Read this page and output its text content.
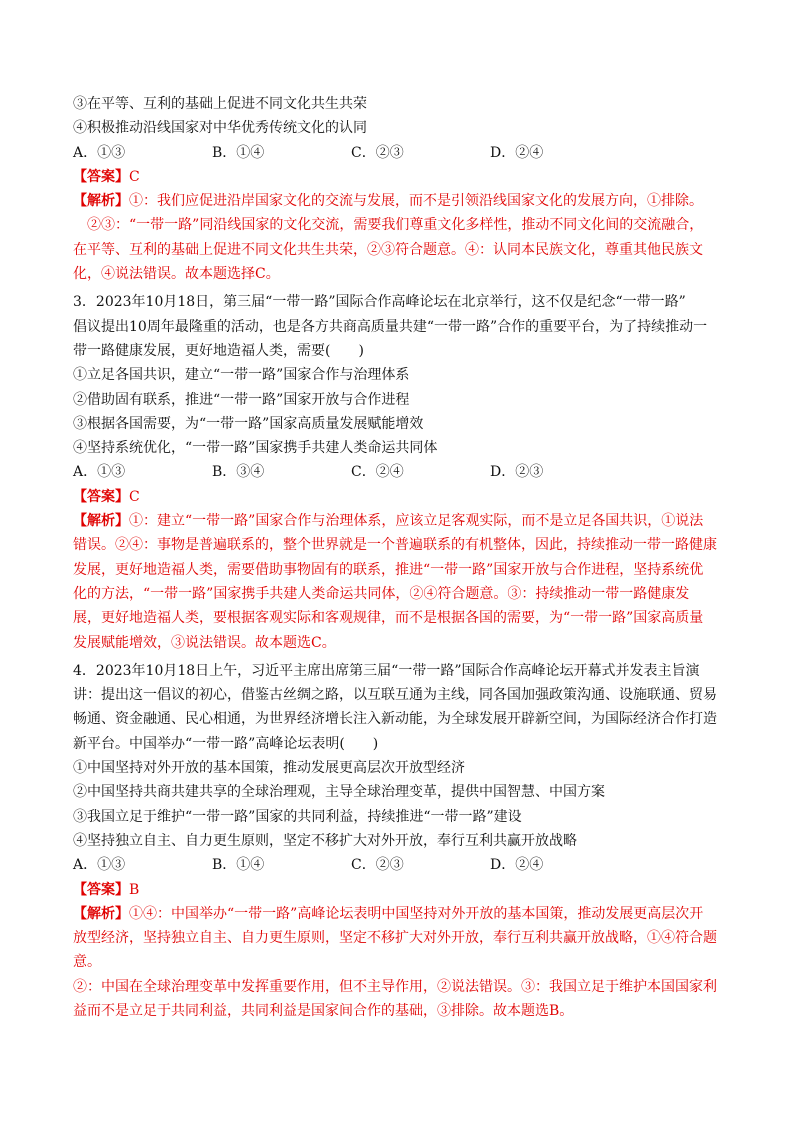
③在平等、互利的基础上促进不同文化共生共荣
④积极推动沿线国家对中华优秀传统文化的认同
A．①③	B．①④	C．②③	D．②④
【答案】C
【解析】①：我们应促进沿岸国家文化的交流与发展，而不是引领沿线国家文化的发展方向，①排除。
②③：“一带一路”同沿线国家的文化交流，需要我们尊重文化多样性，推动不同文化间的交流融合，
在平等、互利的基础上促进不同文化共生共荣，②③符合题意。④：认同本民族文化，尊重其他民族文
化，④说法错误。故本题选择C。
3．2023年10月18日，第三届“一带一路”国际合作高峰论坛在北京举行，这不仅是纪念“一带一路”
倡议提出10周年最隆重的活动，也是各方共商高质量共建“一带一路”合作的重要平台，为了持续推动一
带一路健康发展，更好地造福人类，需要(　　)
①立足各国共识，建立“一带一路”国家合作与治理体系
②借助固有联系，推进“一带一路”国家开放与合作进程
③根据各国需要，为“一带一路”国家高质量发展赋能增效
④坚持系统优化，“一带一路”国家携手共建人类命运共同体
A．①③	B．③④	C．②④	D．②③
【答案】C
【解析】①：建立“一带一路”国家合作与治理体系，应该立足客观实际，而不是立足各国共识，①说法
错误。②④：事物是普遍联系的，整个世界就是一个普遍联系的有机整体，因此，持续推动一带一路健康
发展，更好地造福人类，需要借助事物固有的联系，推进“一带一路”国家开放与合作进程，坚持系统优
化的方法，“一带一路”国家携手共建人类命运共同体，②④符合题意。③：持续推动一带一路健康发
展，更好地造福人类，要根据客观实际和客观规律，而不是根据各国的需要，为“一带一路”国家高质量
发展赋能增效，③说法错误。故本题选C。
4．2023年10月18日上午，习近平主席出席第三届“一带一路”国际合作高峰论坛开幕式并发表主旨演
讲：提出这一倡议的初心，借鉴古丝绸之路，以互联互通为主线，同各国加强政策沟通、设施联通、贸易
畅通、资金融通、民心相通，为世界经济增长注入新动能，为全球发展开辟新空间，为国际经济合作打造
新平台。中国举办“一带一路”高峰论坛表明(　　)
①中国坚持对外开放的基本国策，推动发展更高层次开放型经济
②中国坚持共商共建共享的全球治理观，主导全球治理变革，提供中国智慧、中国方案
③我国立足于维护“一带一路”国家的共同利益，持续推进“一带一路”建设
④坚持独立自主、自力更生原则，坚定不移扩大对外开放，奉行互利共赢开放战略
A．①③	B．①④	C．②③	D．②④
【答案】B
【解析】①④：中国举办“一带一路”高峰论坛表明中国坚持对外开放的基本国策，推动发展更高层次开
放型经济，坚持独立自主、自力更生原则，坚定不移扩大对外开放，奉行互利共赢开放战略，①④符合题
意。
②：中国在全球治理变革中发挥重要作用，但不主导作用，②说法错误。③：我国立足于维护本国国家利
益而不是立足于共同利益，共同利益是国家间合作的基础，③排除。故本题选B。
